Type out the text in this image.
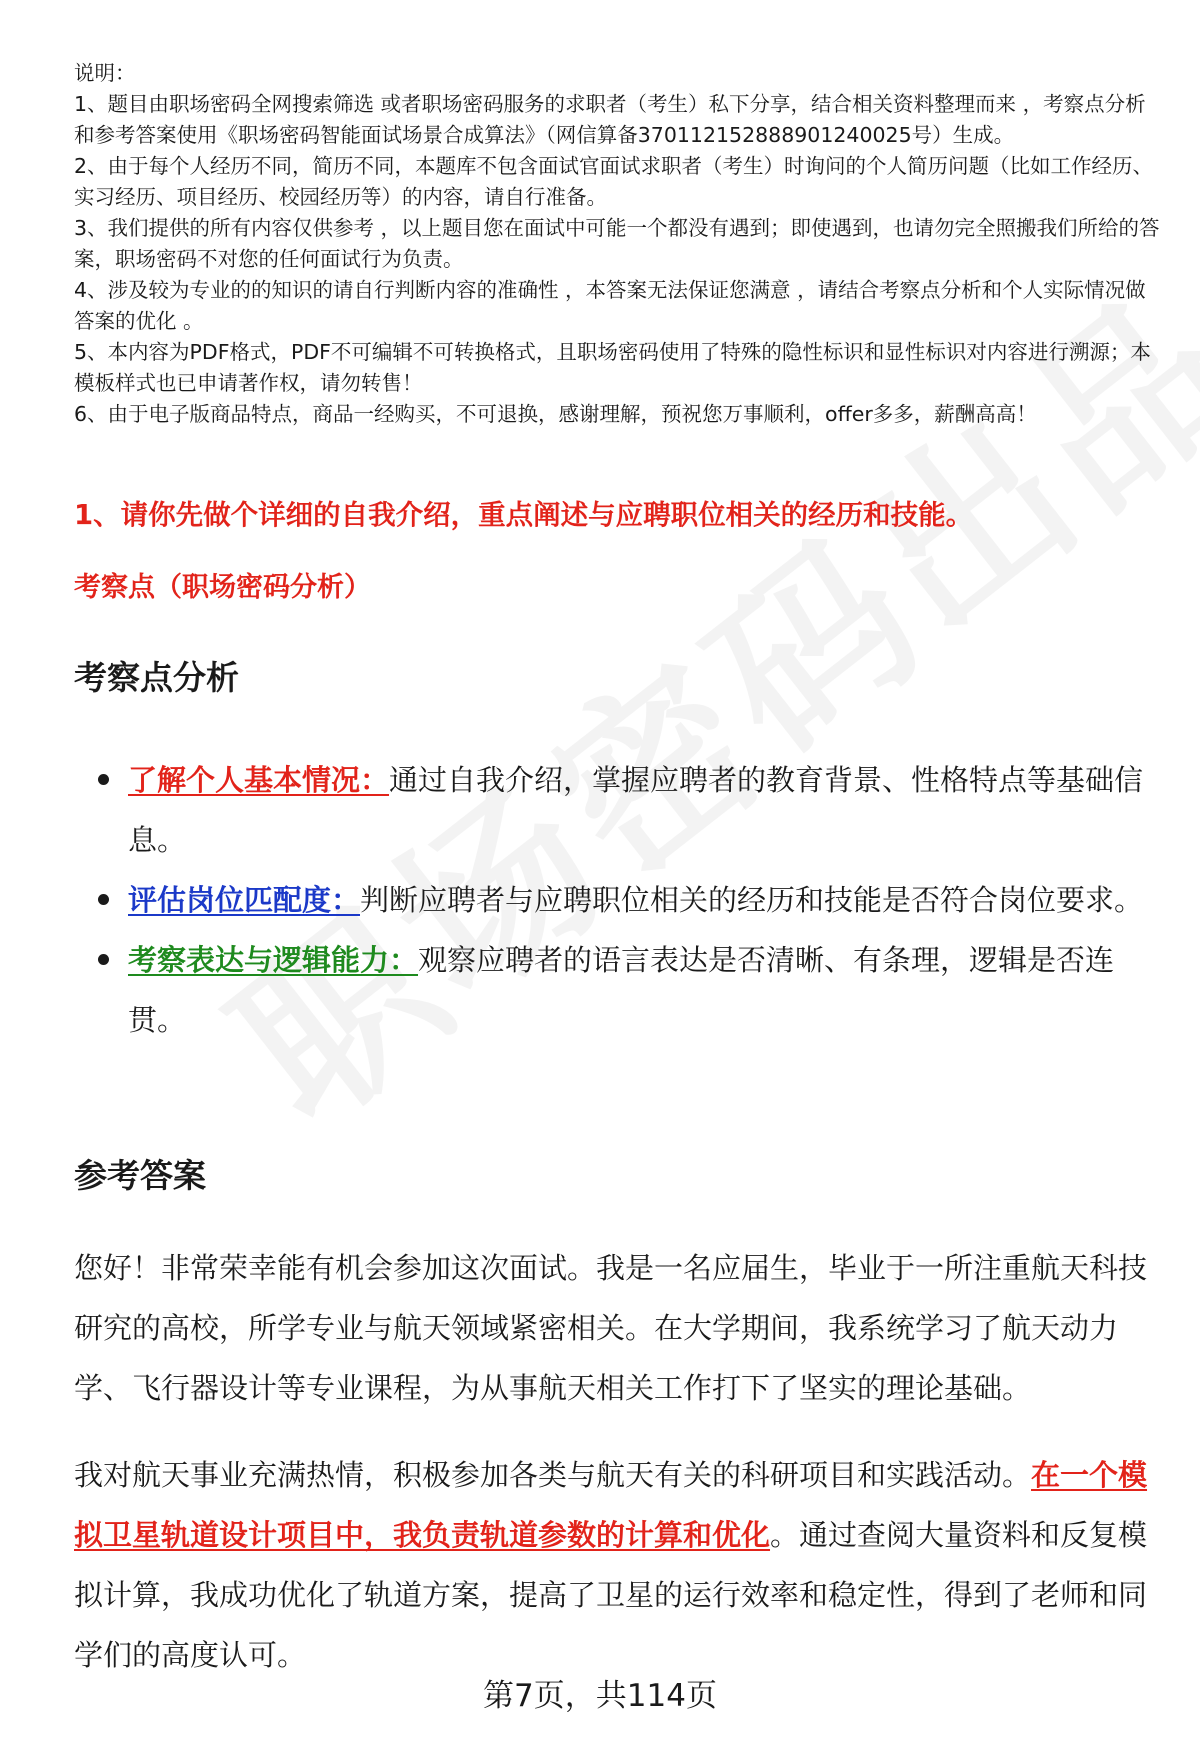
说明：

1、题目由职场密码全网搜索筛选 或者职场密码服务的求职者（考生）私下分享，结合相关资料整理而来 ，考察点分析和参考答案使用《职场密码智能面试场景合成算法》（网信算备370112152888901240025号）生成。

2、由于每个人经历不同，简历不同，本题库不包含面试官面试求职者（考生）时询问的个人简历问题（比如工作经历、实习经历、项目经历、校园经历等）的内容，请自行准备。

3、我们提供的所有内容仅供参考 ，以上题目您在面试中可能一个都没有遇到；即使遇到，也请勿完全照搬我们所给的答案，职场密码不对您的任何面试行为负责。

4、涉及较为专业的的知识的请自行判断内容的准确性 ，本答案无法保证您满意 ，请结合考察点分析和个人实际情况做答案的优化 。

5、本内容为PDF格式，PDF不可编辑不可转换格式，且职场密码使用了特殊的隐性标识和显性标识对内容进行溯源；本模板样式也已申请著作权，请勿转售！

6、由于电子版商品特点，商品一经购买，不可退换，感谢理解，预祝您万事顺利，offer多多，薪酬高高！

1、请你先做个详细的自我介绍，重点阐述与应聘职位相关的经历和技能。
考察点（职场密码分析）
考察点分析
了解个人基本情况：通过自我介绍，掌握应聘者的教育背景、性格特点等基础信息。
评估岗位匹配度：判断应聘者与应聘职位相关的经历和技能是否符合岗位要求。
考察表达与逻辑能力：观察应聘者的语言表达是否清晰、有条理，逻辑是否连贯。
参考答案

您好！非常荣幸能有机会参加这次面试。我是一名应届生，毕业于一所注重航天科技研究的高校，所学专业与航天领域紧密相关。在大学期间，我系统学习了航天动力学、飞行器设计等专业课程，为从事航天相关工作打下了坚实的理论基础。

我对航天事业充满热情，积极参加各类与航天有关的科研项目和实践活动。在一个模拟卫星轨道设计项目中，我负责轨道参数的计算和优化。通过查阅大量资料和反复模拟计算，我成功优化了轨道方案，提高了卫星的运行效率和稳定性，得到了老师和同学们的高度认可。

第7页，共114页
